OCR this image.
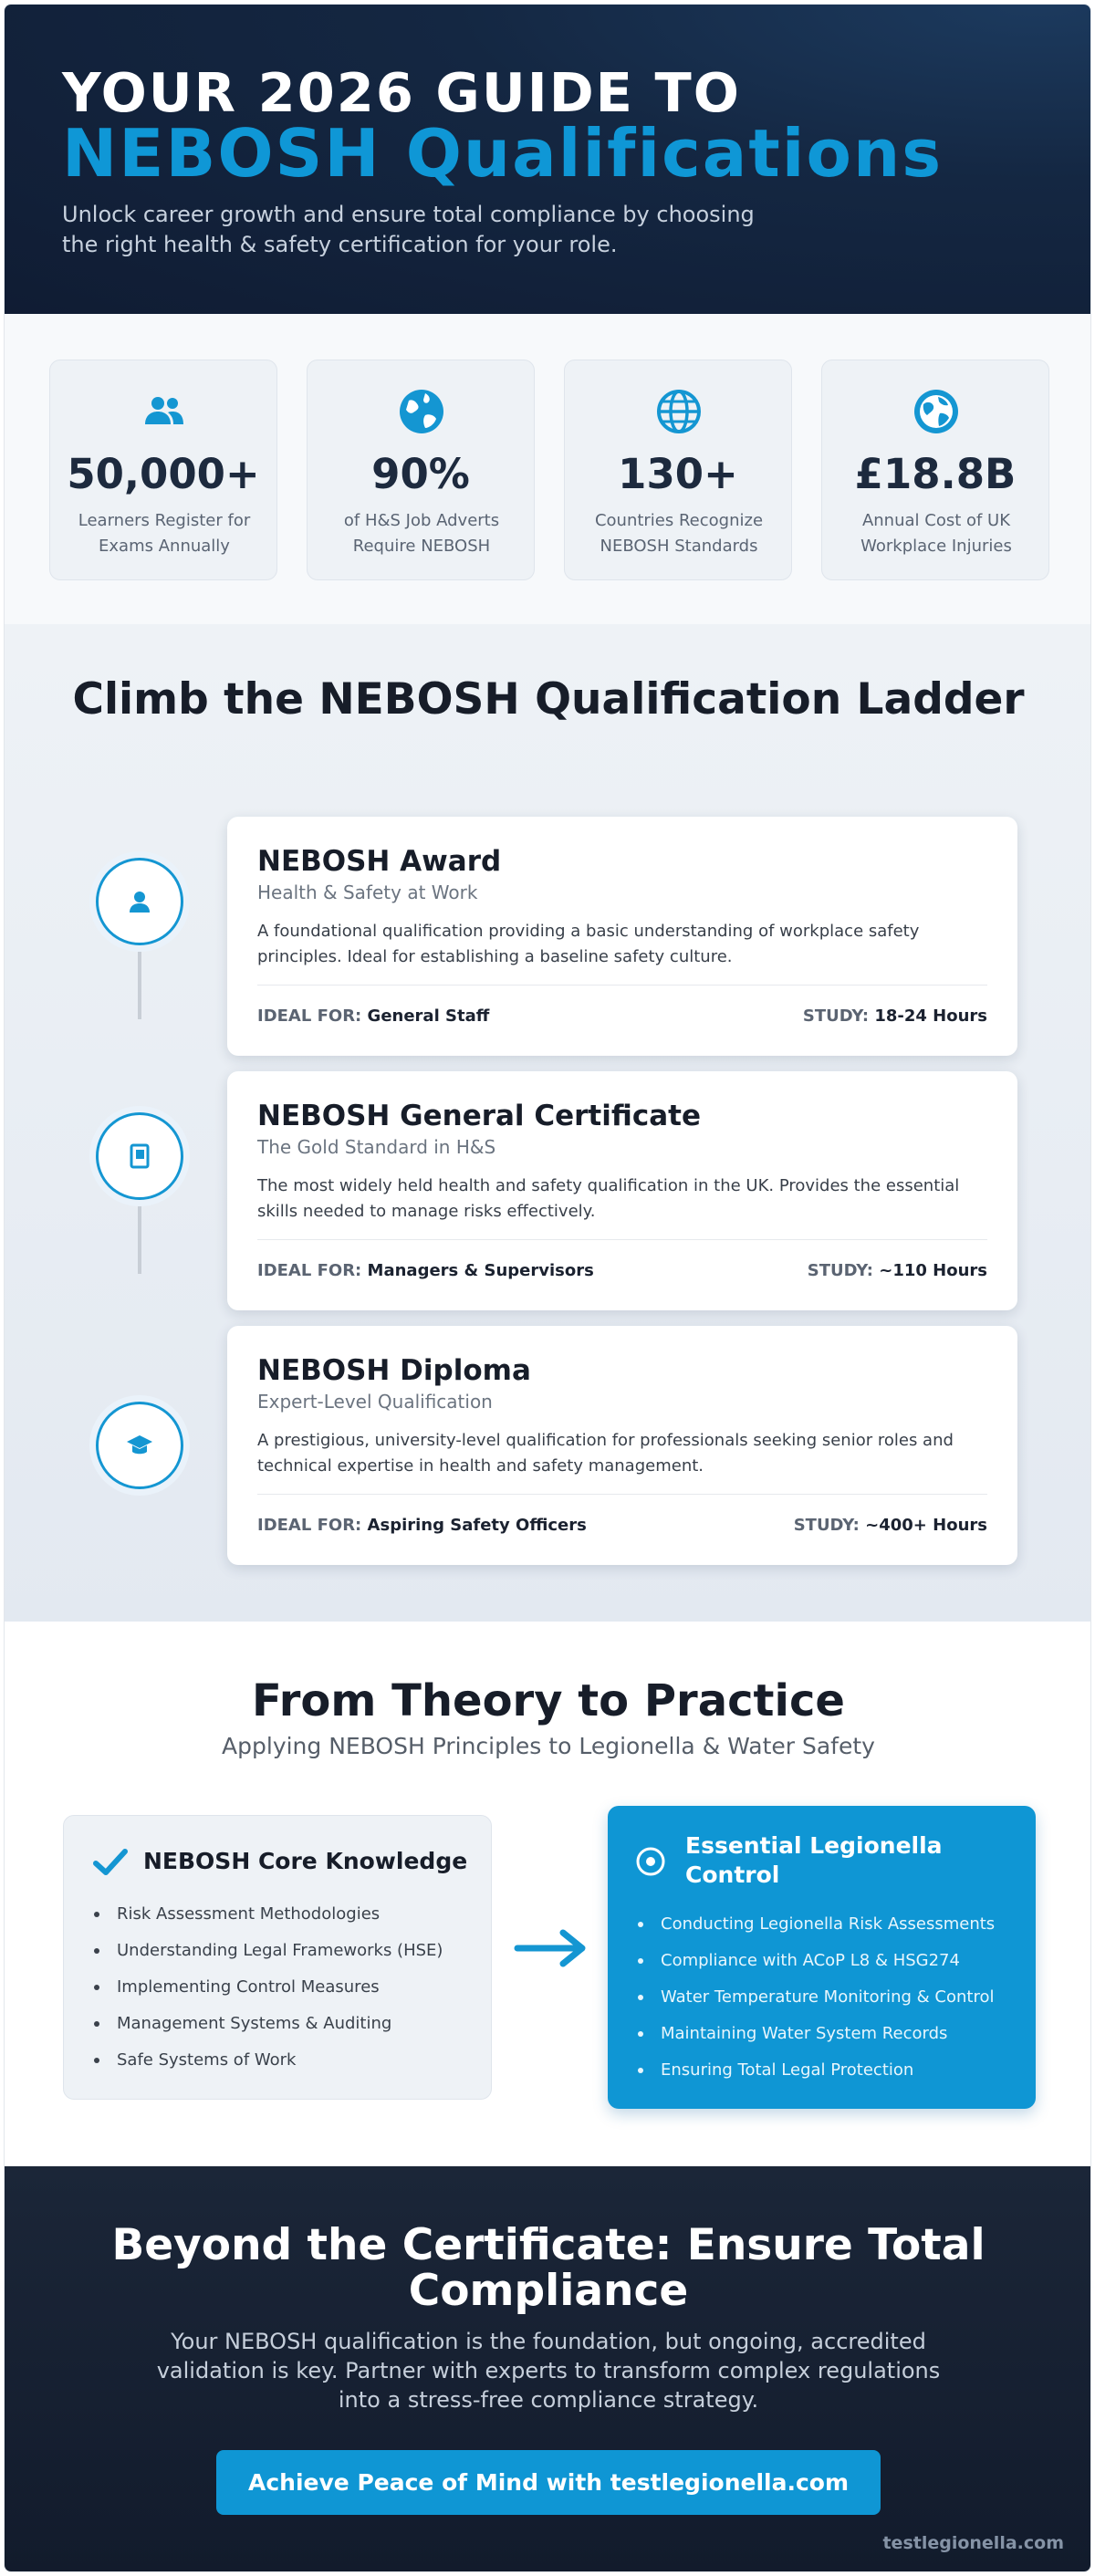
YOUR 2026 GUIDE TO
NEBOSH Qualifications
Unlock career growth and ensure total compliance by choosing the right health & safety certification for your role.
50,000+
Learners Register for Exams Annually
90%
of H&S Job Adverts Require NEBOSH
130+
Countries Recognize NEBOSH Standards
£18.8B
Annual Cost of UK Workplace Injuries
Climb the NEBOSH Qualification Ladder
NEBOSH Award
Health & Safety at Work
A foundational qualification providing a basic understanding of workplace safety principles. Ideal for establishing a baseline safety culture.
IDEAL FOR: General Staff	STUDY: 18-24 Hours
NEBOSH General Certificate
The Gold Standard in H&S
The most widely held health and safety qualification in the UK. Provides the essential skills needed to manage risks effectively.
IDEAL FOR: Managers & Supervisors	STUDY: ~110 Hours
NEBOSH Diploma
Expert-Level Qualification
A prestigious, university-level qualification for professionals seeking senior roles and technical expertise in health and safety management.
IDEAL FOR: Aspiring Safety Officers	STUDY: ~400+ Hours
From Theory to Practice
Applying NEBOSH Principles to Legionella & Water Safety
NEBOSH Core Knowledge
Risk Assessment Methodologies
Understanding Legal Frameworks (HSE)
Implementing Control Measures
Management Systems & Auditing
Safe Systems of Work
Essential Legionella Control
Conducting Legionella Risk Assessments
Compliance with ACoP L8 & HSG274
Water Temperature Monitoring & Control
Maintaining Water System Records
Ensuring Total Legal Protection
Beyond the Certificate: Ensure Total Compliance
Your NEBOSH qualification is the foundation, but ongoing, accredited validation is key. Partner with experts to transform complex regulations into a stress-free compliance strategy.
Achieve Peace of Mind with testlegionella.com
testlegionella.com
